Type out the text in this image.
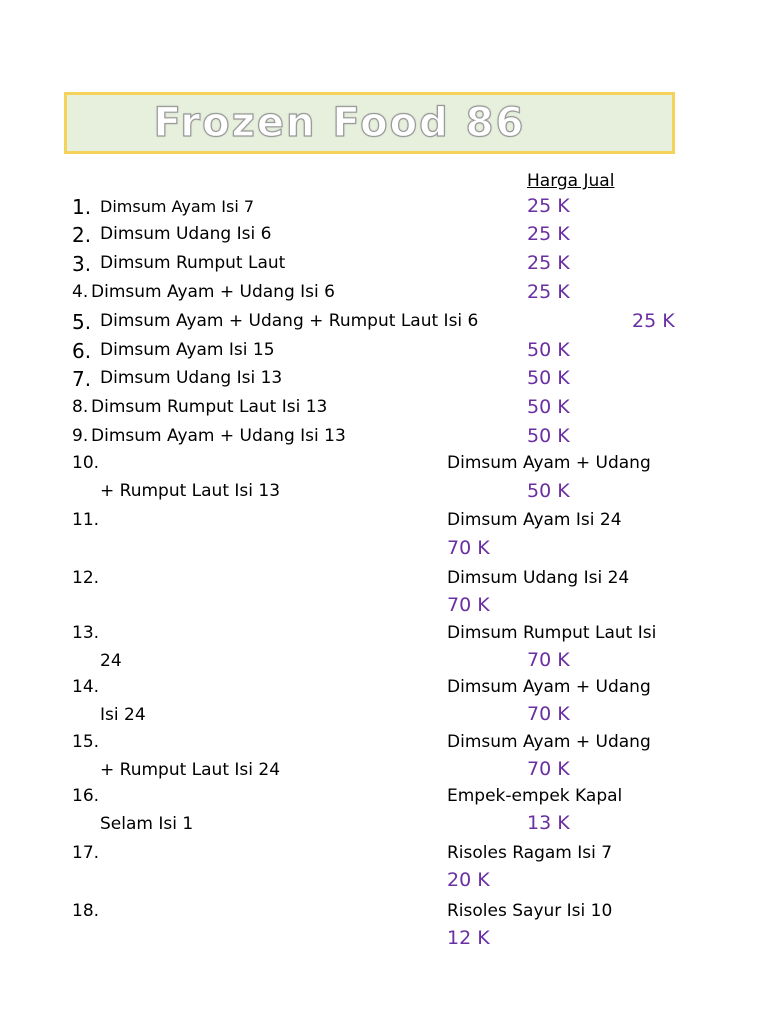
Frozen Food 86
Harga Jual
1. Dimsum Ayam Isi 7	25 K
2. Dimsum Udang Isi 6	25 K
3. Dimsum Rumput Laut	25 K
4. Dimsum Ayam + Udang Isi 6	25 K
5. Dimsum Ayam + Udang + Rumput Laut Isi 6	25 K
6. Dimsum Ayam Isi 15	50 K
7. Dimsum Udang Isi 13	50 K
8. Dimsum Rumput Laut Isi 13	50 K
9. Dimsum Ayam + Udang Isi 13	50 K
10.	Dimsum Ayam + Udang
+ Rumput Laut Isi 13	50 K
11.	Dimsum Ayam Isi 24
70 K
12.	Dimsum Udang Isi 24
70 K
13.	Dimsum Rumput Laut Isi
24	70 K
14.	Dimsum Ayam + Udang
Isi 24	70 K
15.	Dimsum Ayam + Udang
+ Rumput Laut Isi 24	70 K
16.	Empek-empek Kapal
Selam Isi 1	13 K
17.	Risoles Ragam Isi 7
20 K
18.	Risoles Sayur Isi 10
12 K
